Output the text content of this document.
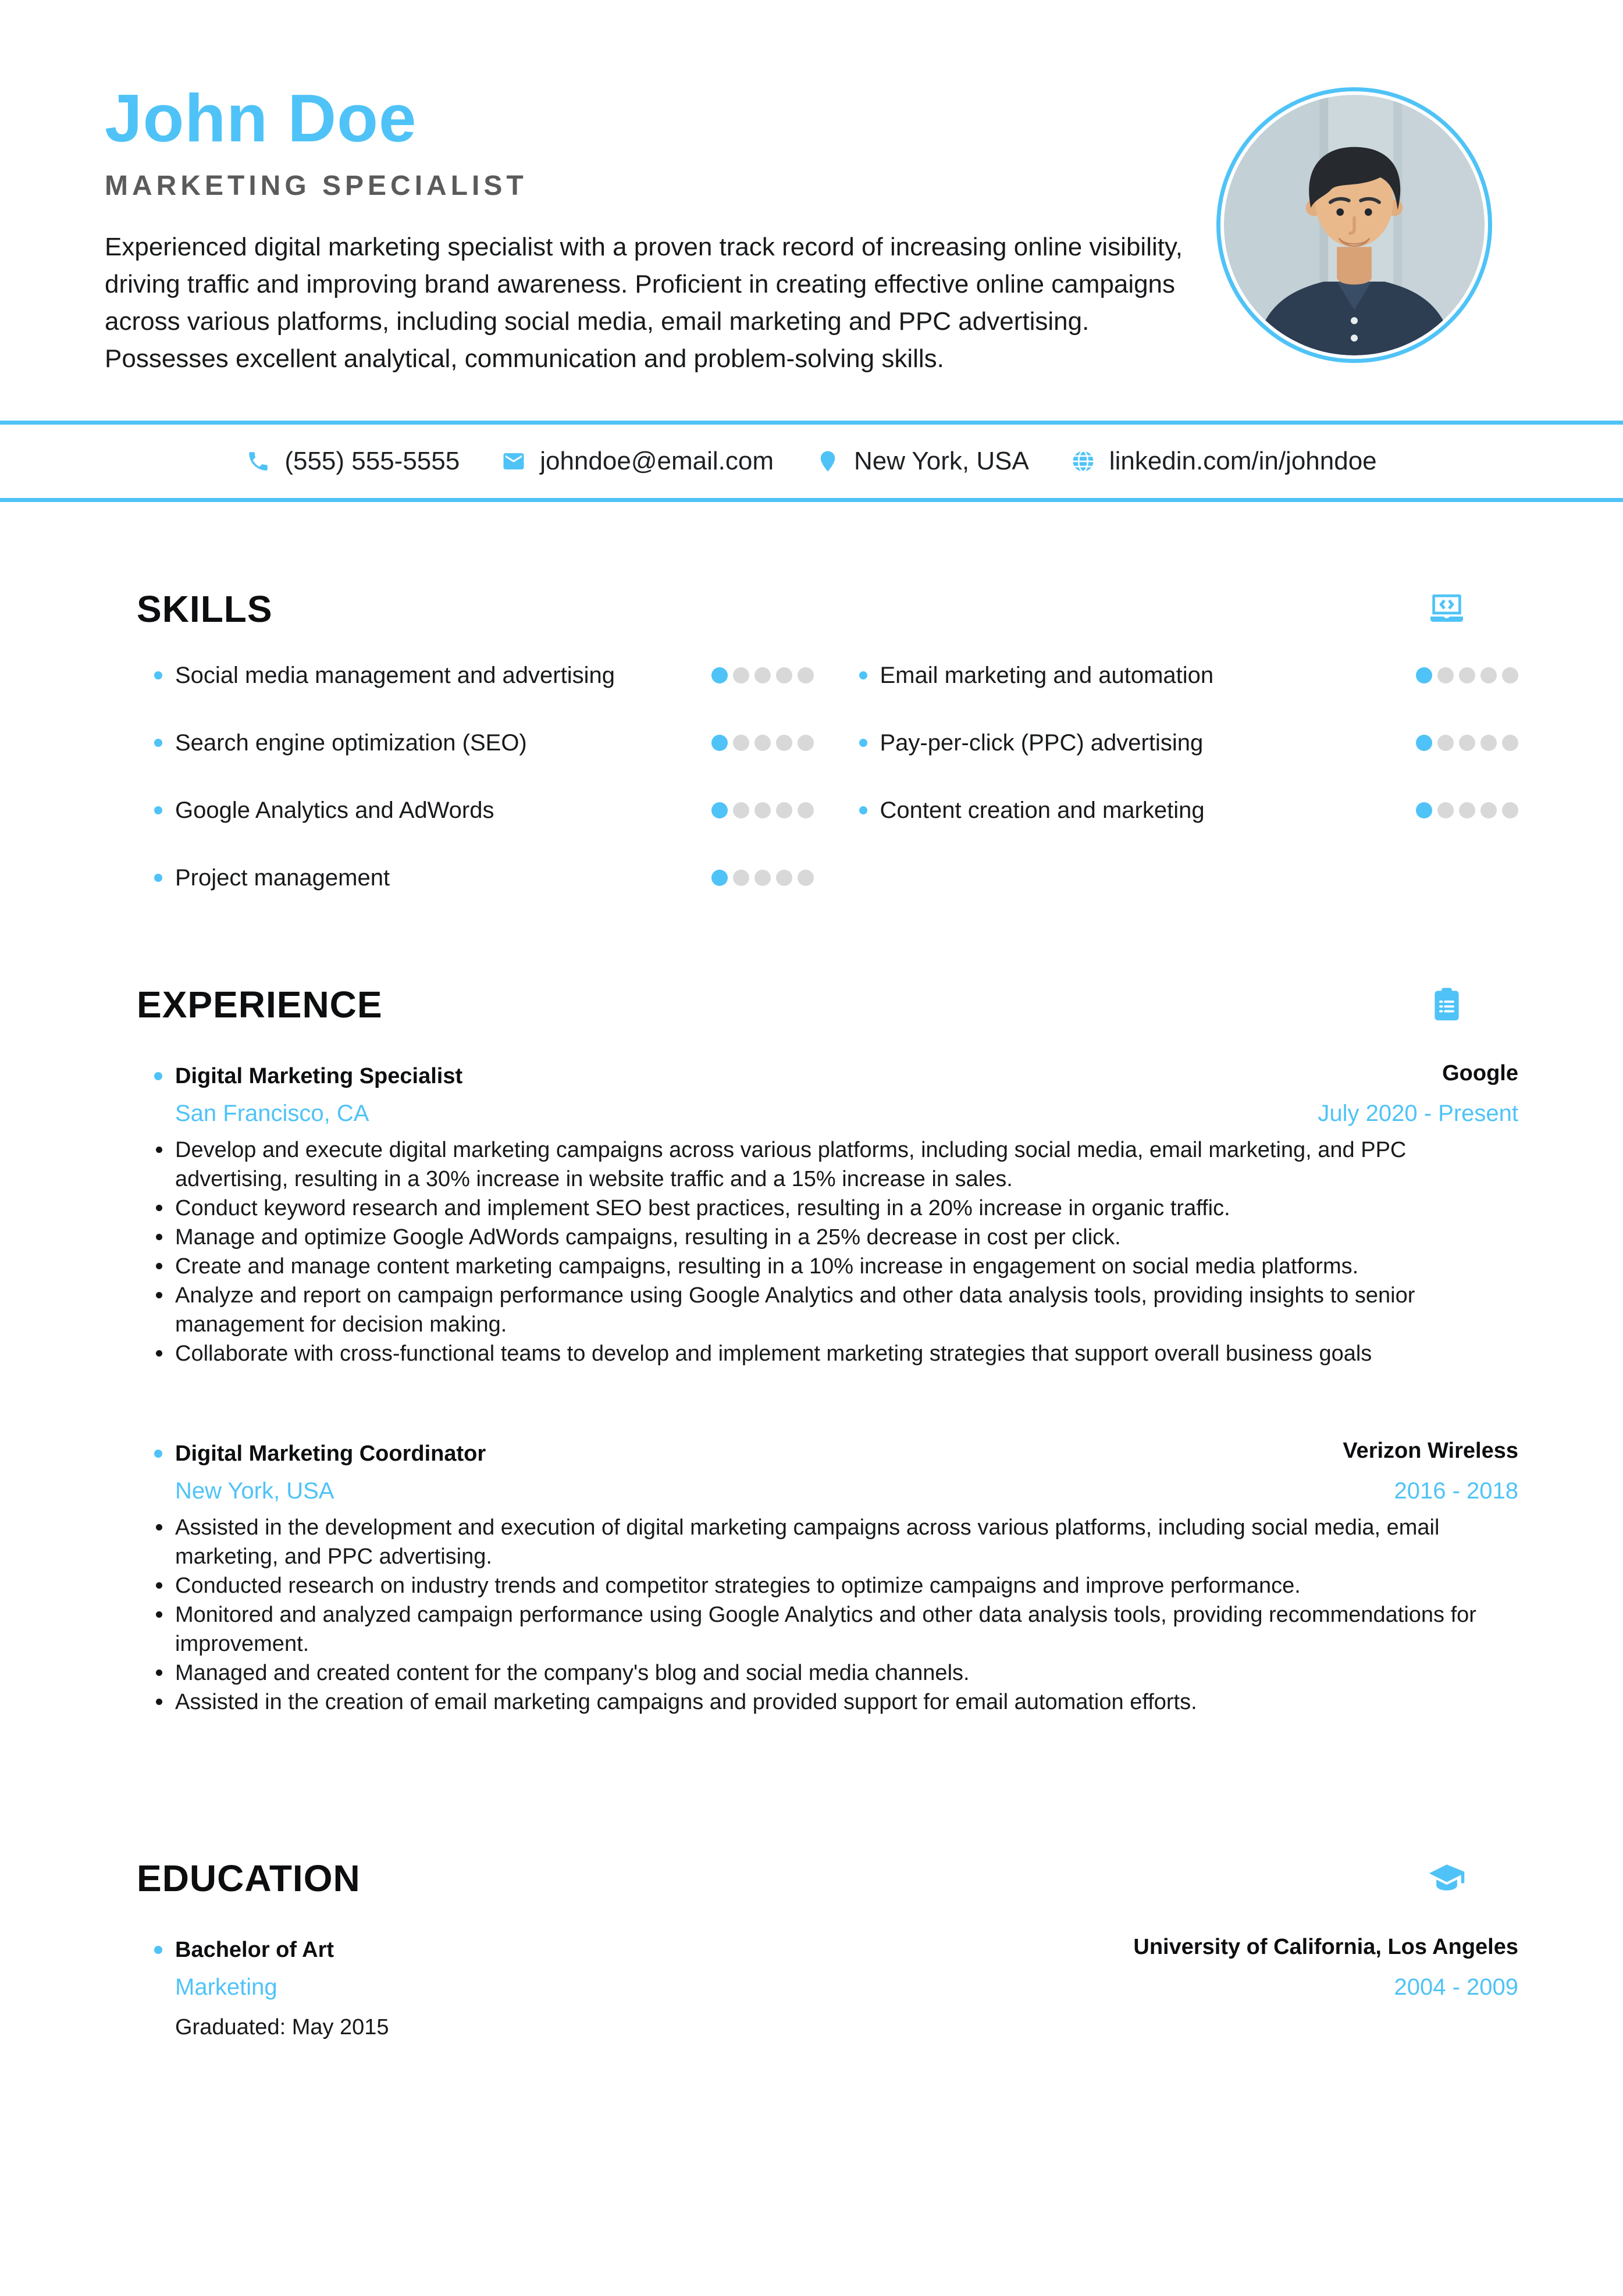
John Doe
MARKETING SPECIALIST

Experienced digital marketing specialist with a proven track record of increasing online visibility, driving traffic and improving brand awareness. Proficient in creating effective online campaigns across various platforms, including social media, email marketing and PPC advertising. Possesses excellent analytical, communication and problem-solving skills.

(555) 555-5555	johndoe@email.com	New York, USA	linkedin.com/in/johndoe
SKILLS
Social media management and advertising
Search engine optimization (SEO)
Google Analytics and AdWords
Project management
Email marketing and automation
Pay-per-click (PPC) advertising
Content creation and marketing
EXPERIENCE
Digital Marketing Specialist	Google
San Francisco, CA	July 2020 - Present
Develop and execute digital marketing campaigns across various platforms, including social media, email marketing, and PPC advertising, resulting in a 30% increase in website traffic and a 15% increase in sales.
Conduct keyword research and implement SEO best practices, resulting in a 20% increase in organic traffic.
Manage and optimize Google AdWords campaigns, resulting in a 25% decrease in cost per click.
Create and manage content marketing campaigns, resulting in a 10% increase in engagement on social media platforms.
Analyze and report on campaign performance using Google Analytics and other data analysis tools, providing insights to senior management for decision making.
Collaborate with cross-functional teams to develop and implement marketing strategies that support overall business goals
Digital Marketing Coordinator	Verizon Wireless
New York, USA	2016 - 2018
Assisted in the development and execution of digital marketing campaigns across various platforms, including social media, email marketing, and PPC advertising.
Conducted research on industry trends and competitor strategies to optimize campaigns and improve performance.
Monitored and analyzed campaign performance using Google Analytics and other data analysis tools, providing recommendations for improvement.
Managed and created content for the company's blog and social media channels.
Assisted in the creation of email marketing campaigns and provided support for email automation efforts.
EDUCATION
Bachelor of Art	University of California, Los Angeles
Marketing	2004 - 2009
Graduated: May 2015
